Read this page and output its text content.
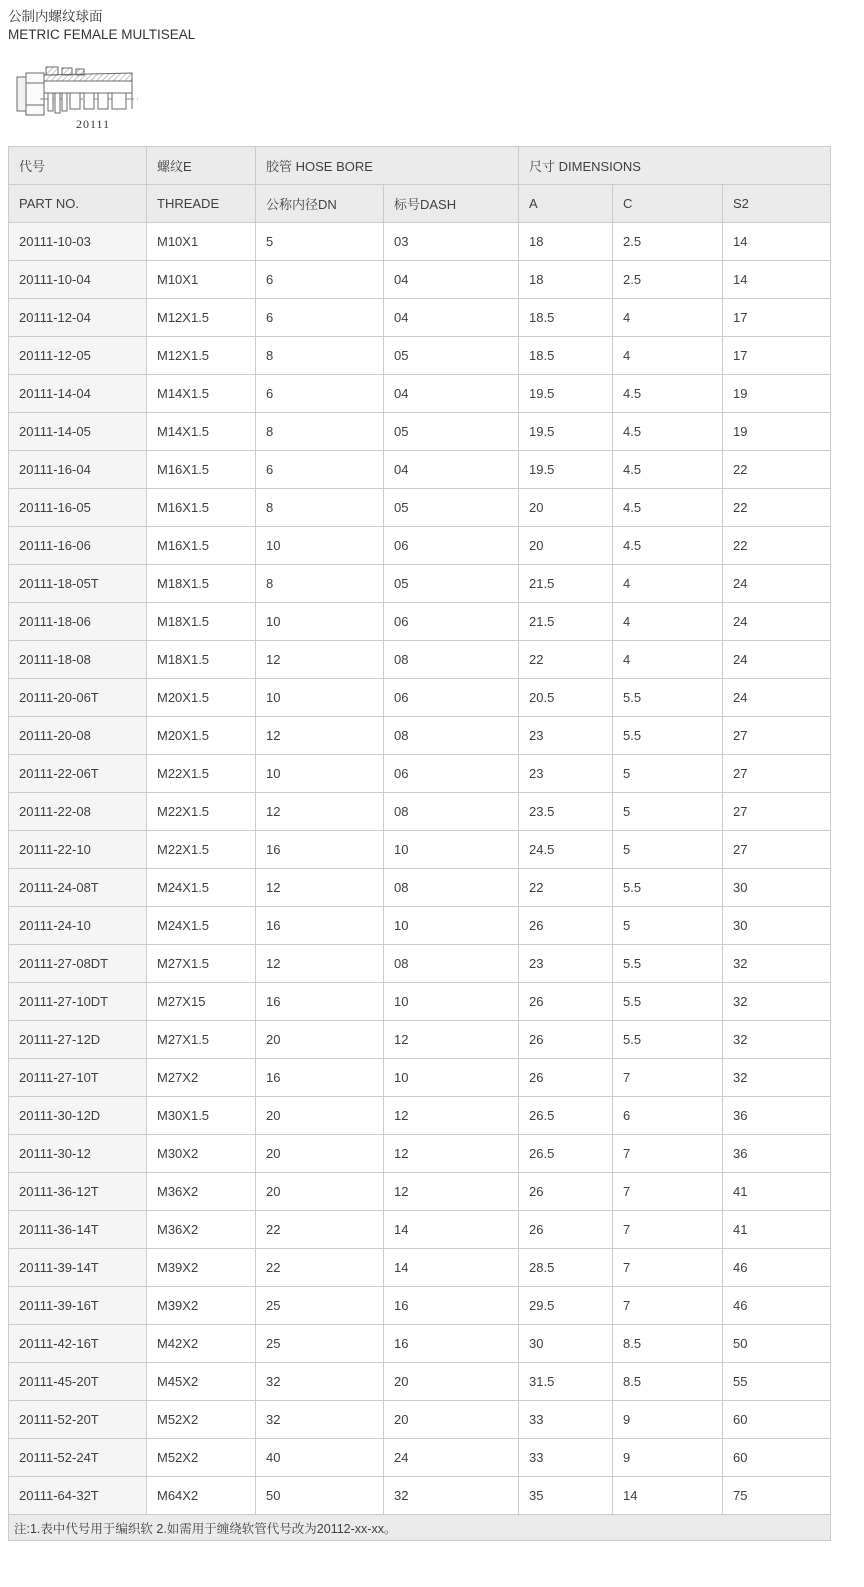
公制内螺纹球面
METRIC FEMALE MULTISEAL
20111
代号	螺纹E	胶管 HOSE BORE		尺寸 DIMENSIONS		
PART NO.	THREADE	公称内径DN	标号DASH	A	C	S2
20111-10-03	M10X1	5	03	18	2.5	14
20111-10-04	M10X1	6	04	18	2.5	14
20111-12-04	M12X1.5	6	04	18.5	4	17
20111-12-05	M12X1.5	8	05	18.5	4	17
20111-14-04	M14X1.5	6	04	19.5	4.5	19
20111-14-05	M14X1.5	8	05	19.5	4.5	19
20111-16-04	M16X1.5	6	04	19.5	4.5	22
20111-16-05	M16X1.5	8	05	20	4.5	22
20111-16-06	M16X1.5	10	06	20	4.5	22
20111-18-05T	M18X1.5	8	05	21.5	4	24
20111-18-06	M18X1.5	10	06	21.5	4	24
20111-18-08	M18X1.5	12	08	22	4	24
20111-20-06T	M20X1.5	10	06	20.5	5.5	24
20111-20-08	M20X1.5	12	08	23	5.5	27
20111-22-06T	M22X1.5	10	06	23	5	27
20111-22-08	M22X1.5	12	08	23.5	5	27
20111-22-10	M22X1.5	16	10	24.5	5	27
20111-24-08T	M24X1.5	12	08	22	5.5	30
20111-24-10	M24X1.5	16	10	26	5	30
20111-27-08DT	M27X1.5	12	08	23	5.5	32
20111-27-10DT	M27X15	16	10	26	5.5	32
20111-27-12D	M27X1.5	20	12	26	5.5	32
20111-27-10T	M27X2	16	10	26	7	32
20111-30-12D	M30X1.5	20	12	26.5	6	36
20111-30-12	M30X2	20	12	26.5	7	36
20111-36-12T	M36X2	20	12	26	7	41
20111-36-14T	M36X2	22	14	26	7	41
20111-39-14T	M39X2	22	14	28.5	7	46
20111-39-16T	M39X2	25	16	29.5	7	46
20111-42-16T	M42X2	25	16	30	8.5	50
20111-45-20T	M45X2	32	20	31.5	8.5	55
20111-52-20T	M52X2	32	20	33	9	60
20111-52-24T	M52X2	40	24	33	9	60
20111-64-32T	M64X2	50	32	35	14	75
注:1.表中代号用于编织软 2.如需用于缠绕软管代号改为20112-xx-xx。						
